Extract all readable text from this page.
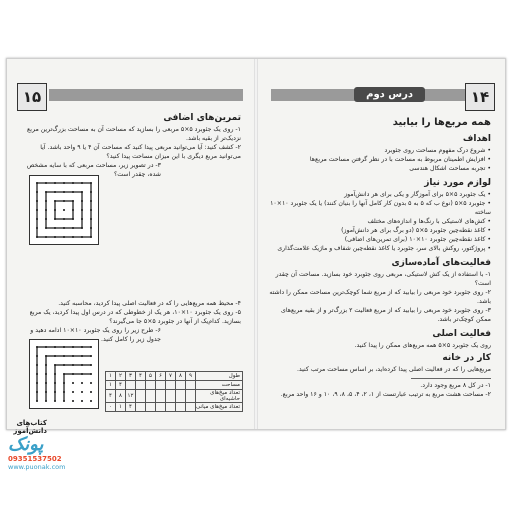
۱۵
تمرین‌های اضافی

۱- روی یک جئوبرد ۵×۵ مربعی را بسازید که مساحت آن به مساحت بزرگ‌ترین مربع نزدیک‌تر از بقیه باشد.

۲- کشف کنید: آیا می‌توانید مربعی پیدا کنید که مساحت آن ۴ یا ۹ واحد باشد. آیا می‌توانید مربع دیگری با این میزان مساحت پیدا کنید؟

۳- در تصویر زیر، مساحت مربعی که با سایه مشخص شده، چقدر است؟

۴- محیط همه مربع‌هایی را که در فعالیت اصلی پیدا کردید، محاسبه کنید.

۵- روی یک جئوبرد ۱۰×۱۰، هر یک از خطوطی که در درس اول پیدا کردید، یک مربع بسازید. کدام‌یک از آنها در جئوبرد ۵×۵ جا می‌گیرند؟

۶- طرح زیر را روی یک جئوبرد ۱۰×۱۰ ادامه دهید و جدول زیر را کامل کنید.

طول	۹	۸	۷	۶	۵	۴	۳	۲	۱
مساحت								۴	۱
تعداد میخ‌های حاشیه‌ای							۱۲	۸	۴
تعداد میخ‌های میانی							۴	۱	۰
کتاب‌های دانش‌آموز
۱۴
درس دوم
همه مربع‌ها را بیابید
اهداف

• شروع درک مفهوم مساحت روی جئوبرد

• افزایش اطمینان مربوط به مساحت با در نظر گرفتن مساحت مربع‌ها

• تجربه مساحت اشکال هندسی

لوازم مورد نیاز

• یک جئوبرد ۵×۵ برای آموزگار و یکی برای هر دانش‌آموز

• جئوبرد ۵×۵ (نوع ب که ۵ به ۵ بدون کار کامل آنها را بنیان کنند) یا یک جئوبرد ۱۰×۱۰ ساخته

• کش‌های لاستیکی با رنگ‌ها و اندازه‌های مختلف

• کاغذ نقطه‌چین جئوبرد ۵×۵ (دو برگ برای هر دانش‌آموز)

• کاغذ نقطه‌چین جئوبرد ۱۰×۱۰ (برای تمرین‌های اضافی)

• پروژکتور، روکش بالای سر، جئوبرد یا کاغذ نقطه‌چین شفاف و ماژیک علامت‌گذاری

فعالیت‌های آماده‌سازی

۱- با استفاده از یک کش لاستیکی، مربعی روی جئوبرد خود بسازید. مساحت آن چقدر است؟

۲- روی جئوبرد خود مربعی را بیابید که از مربع شما کوچک‌ترین مساحت ممکن را داشته باشد.

۳- روی جئوبرد خود مربعی را بیابید که از مربع فعالیت ۲ بزرگ‌تر و از بقیه مربع‌های ممکن کوچک‌تر باشد.

فعالیت اصلی

روی یک جئوبرد ۵×۵ همه مربع‌های ممکن را پیدا کنید.

کار در خانه

مربع‌هایی را که در فعالیت اصلی پیدا کرده‌اید، بر اساس مساحت مرتب کنید.

۱- در کل ۸ مربع وجود دارد.

۲- مساحت هشت مربع به ترتیب عبارتست از ۱، ۲، ۴، ۵، ۸، ۹، ۱۰ و ۱۶ واحد مربع.

پونک
09351537502
www.puonak.com
